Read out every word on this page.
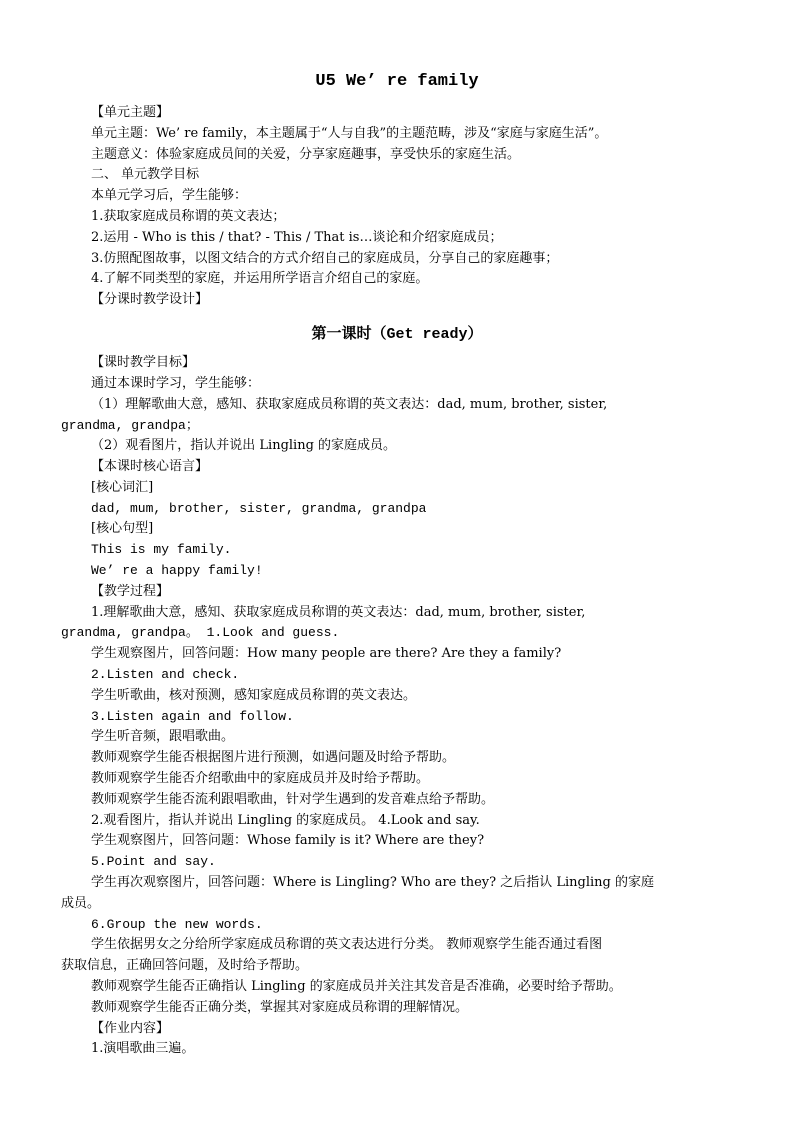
U5 We’ re family
【单元主题】
单元主题：We’ re family，本主题属于“人与自我”的主题范畴，涉及“家庭与家庭生活”。
主题意义：体验家庭成员间的关爱，分享家庭趣事，享受快乐的家庭生活。
二、 单元教学目标
本单元学习后，学生能够：
1.获取家庭成员称谓的英文表达；
2.运用 - Who is this / that? - This / That is…谈论和介绍家庭成员；
3.仿照配图故事，以图文结合的方式介绍自己的家庭成员，分享自己的家庭趣事；
4.了解不同类型的家庭，并运用所学语言介绍自己的家庭。
【分课时教学设计】
第一课时（Get ready）
【课时教学目标】
通过本课时学习，学生能够：
（1）理解歌曲大意，感知、获取家庭成员称谓的英文表达：dad, mum, brother, sister,
grandma, grandpa；
（2）观看图片，指认并说出 Lingling 的家庭成员。
【本课时核心语言】
[核心词汇]
dad, mum, brother, sister, grandma, grandpa
[核心句型]
This is my family.
We’ re a happy family!
【教学过程】
1.理解歌曲大意，感知、获取家庭成员称谓的英文表达：dad, mum, brother, sister,
grandma, grandpa。 1.Look and guess.
学生观察图片，回答问题：How many people are there? Are they a family?
2.Listen and check.
学生听歌曲，核对预测，感知家庭成员称谓的英文表达。
3.Listen again and follow.
学生听音频，跟唱歌曲。
教师观察学生能否根据图片进行预测，如遇问题及时给予帮助。
教师观察学生能否介绍歌曲中的家庭成员并及时给予帮助。
教师观察学生能否流利跟唱歌曲，针对学生遇到的发音难点给予帮助。
2.观看图片，指认并说出 Lingling 的家庭成员。 4.Look and say.
学生观察图片，回答问题：Whose family is it? Where are they?
5.Point and say.
学生再次观察图片，回答问题：Where is Lingling? Who are they? 之后指认 Lingling 的家庭
成员。
6.Group the new words.
学生依据男女之分给所学家庭成员称谓的英文表达进行分类。 教师观察学生能否通过看图
获取信息，正确回答问题，及时给予帮助。
教师观察学生能否正确指认 Lingling 的家庭成员并关注其发音是否准确，必要时给予帮助。
教师观察学生能否正确分类，掌握其对家庭成员称谓的理解情况。
【作业内容】
1.演唱歌曲三遍。
